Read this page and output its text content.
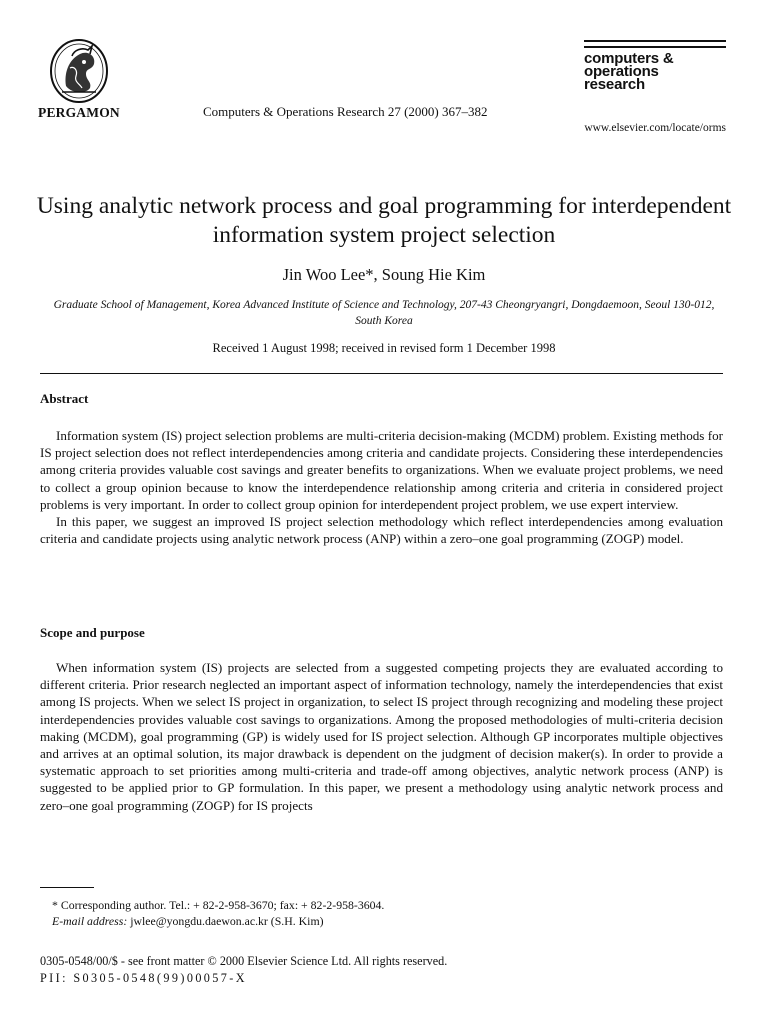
PERGAMON	Computers & Operations Research 27 (2000) 367–382
computers &
operations
research
www.elsevier.com/locate/orms
Using analytic network process and goal programming for interdependent information system project selection
Jin Woo Lee*, Soung Hie Kim
Graduate School of Management, Korea Advanced Institute of Science and Technology, 207-43 Cheongryangri, Dongdaemoon, Seoul 130-012, South Korea
Received 1 August 1998; received in revised form 1 December 1998
Abstract

Information system (IS) project selection problems are multi-criteria decision-making (MCDM) problem. Existing methods for IS project selection does not reflect interdependencies among criteria and candidate projects. Considering these interdependencies among criteria provides valuable cost savings and greater benefits to organizations. When we evaluate project problems, we need to collect a group opinion because to know the interdependence relationship among criteria and criteria in considered project problems is very important. In order to collect group opinion for interdependent project problem, we use expert interview.

In this paper, we suggest an improved IS project selection methodology which reflect interdependencies among evaluation criteria and candidate projects using analytic network process (ANP) within a zero–one goal programming (ZOGP) model.

Scope and purpose

When information system (IS) projects are selected from a suggested competing projects they are evaluated according to different criteria. Prior research neglected an important aspect of information technology, namely the interdependencies that exist among IS projects. When we select IS project in organization, to select IS project through recognizing and modeling these project interdependencies provides valuable cost savings to organizations. Among the proposed methodologies of multi-criteria decision making (MCDM), goal programming (GP) is widely used for IS project selection. Although GP incorporates multiple objectives and arrives at an optimal solution, its major drawback is dependent on the judgment of decision maker(s). In order to provide a systematic approach to set priorities among multi-criteria and trade-off among objectives, analytic network process (ANP) is suggested to be applied prior to GP formulation. In this paper, we present a methodology using analytic network process and zero–one goal programming (ZOGP) for IS projects

* Corresponding author. Tel.: + 82-2-958-3670; fax: + 82-2-958-3604.
E-mail address: jwlee@yongdu.daewon.ac.kr (S.H. Kim)
0305-0548/00/$ - see front matter © 2000 Elsevier Science Ltd. All rights reserved.
PII: S0305-0548(99)00057-X
